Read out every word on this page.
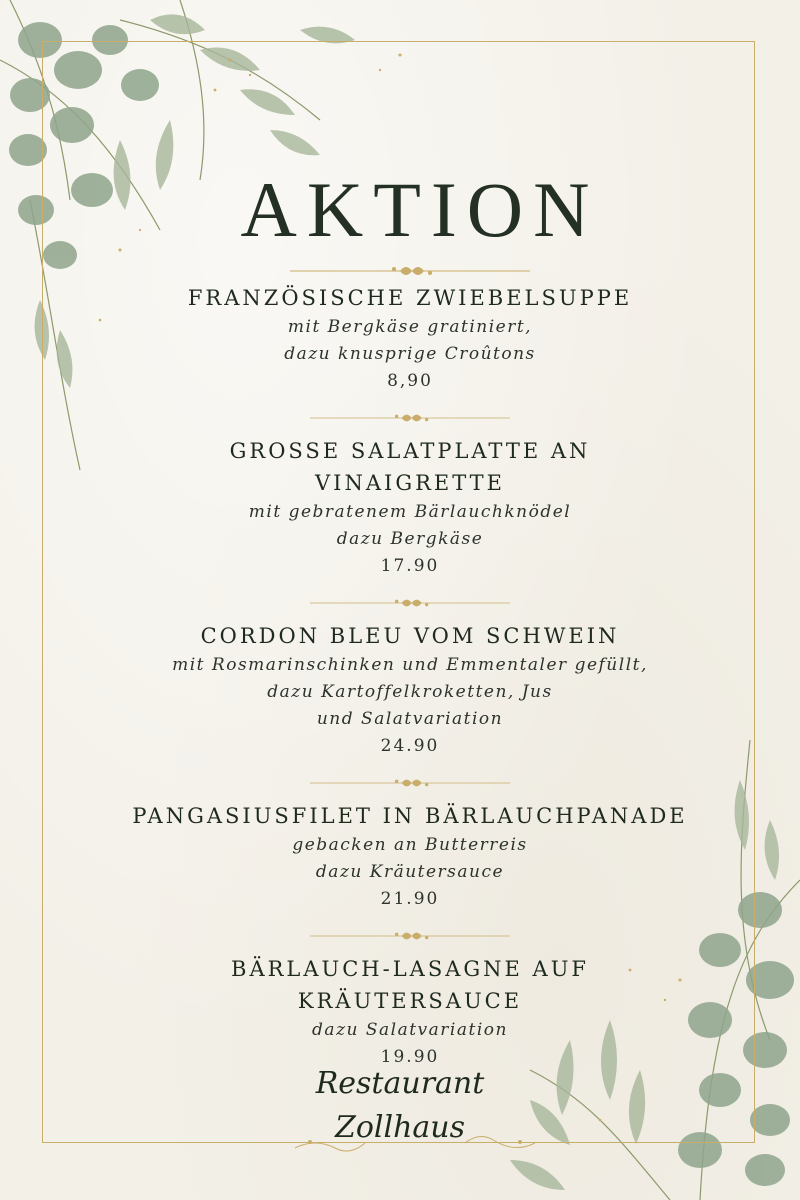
AKTION

FRANZÖSISCHE ZWIEBELSUPPE

mit Bergkäse gratiniert,
dazu knusprige Croûtons

8,90

GROSSE SALATPLATTE AN
VINAIGRETTE

mit gebratenem Bärlauchknödel
dazu Bergkäse

17.90

CORDON BLEU VOM SCHWEIN

mit Rosmarinschinken und Emmentaler gefüllt,
dazu Kartoffelkroketten, Jus
und Salatvariation

24.90

PANGASIUSFILET IN BÄRLAUCHPANADE

gebacken an Butterreis
dazu Kräutersauce

21.90

BÄRLAUCH-LASAGNE AUF
KRÄUTERSAUCE

dazu Salatvariation

19.90

Restaurant
Zollhaus
